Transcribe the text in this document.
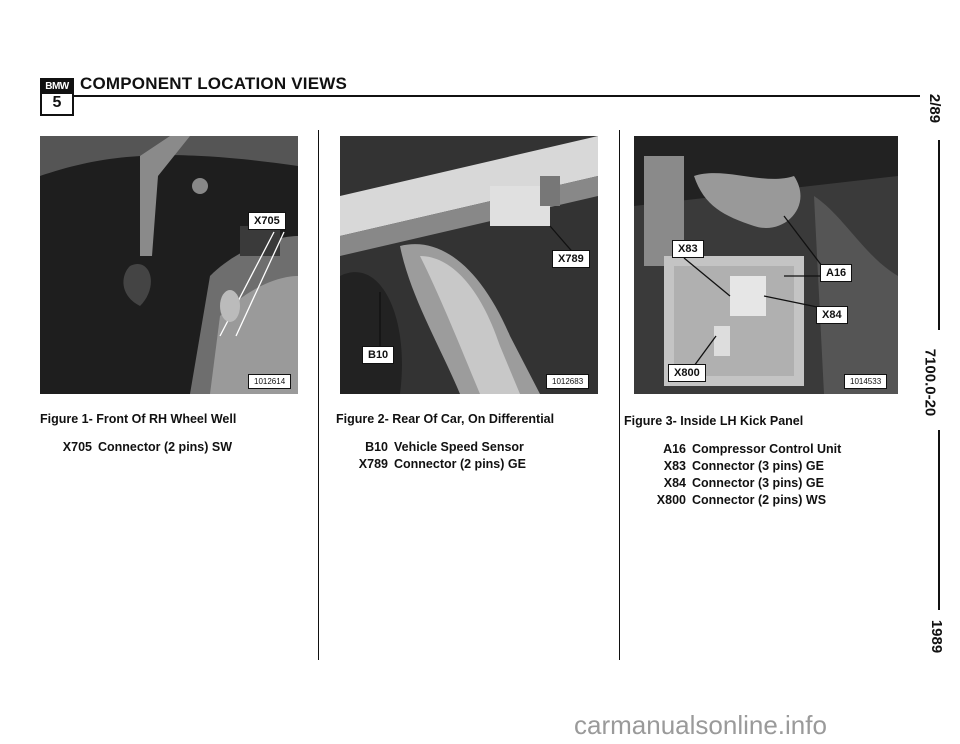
BMW
5
COMPONENT LOCATION VIEWS
X705
1012614
X789
B10
1012683
X83
A16
X84
X800
1014533
Figure 1- Front Of RH Wheel Well	Figure 2- Rear Of Car, On Differential	Figure 3- Inside LH Kick Panel
X705 Connector (2 pins) SW	B10 Vehicle Speed Sensor
X789 Connector (2 pins) GE
A16 Compressor Control Unit
X83 Connector (3 pins) GE
X84 Connector (3 pins) GE
X800 Connector (2 pins) WS
2/89
7100.0-20
1989
carmanualsonline.info
